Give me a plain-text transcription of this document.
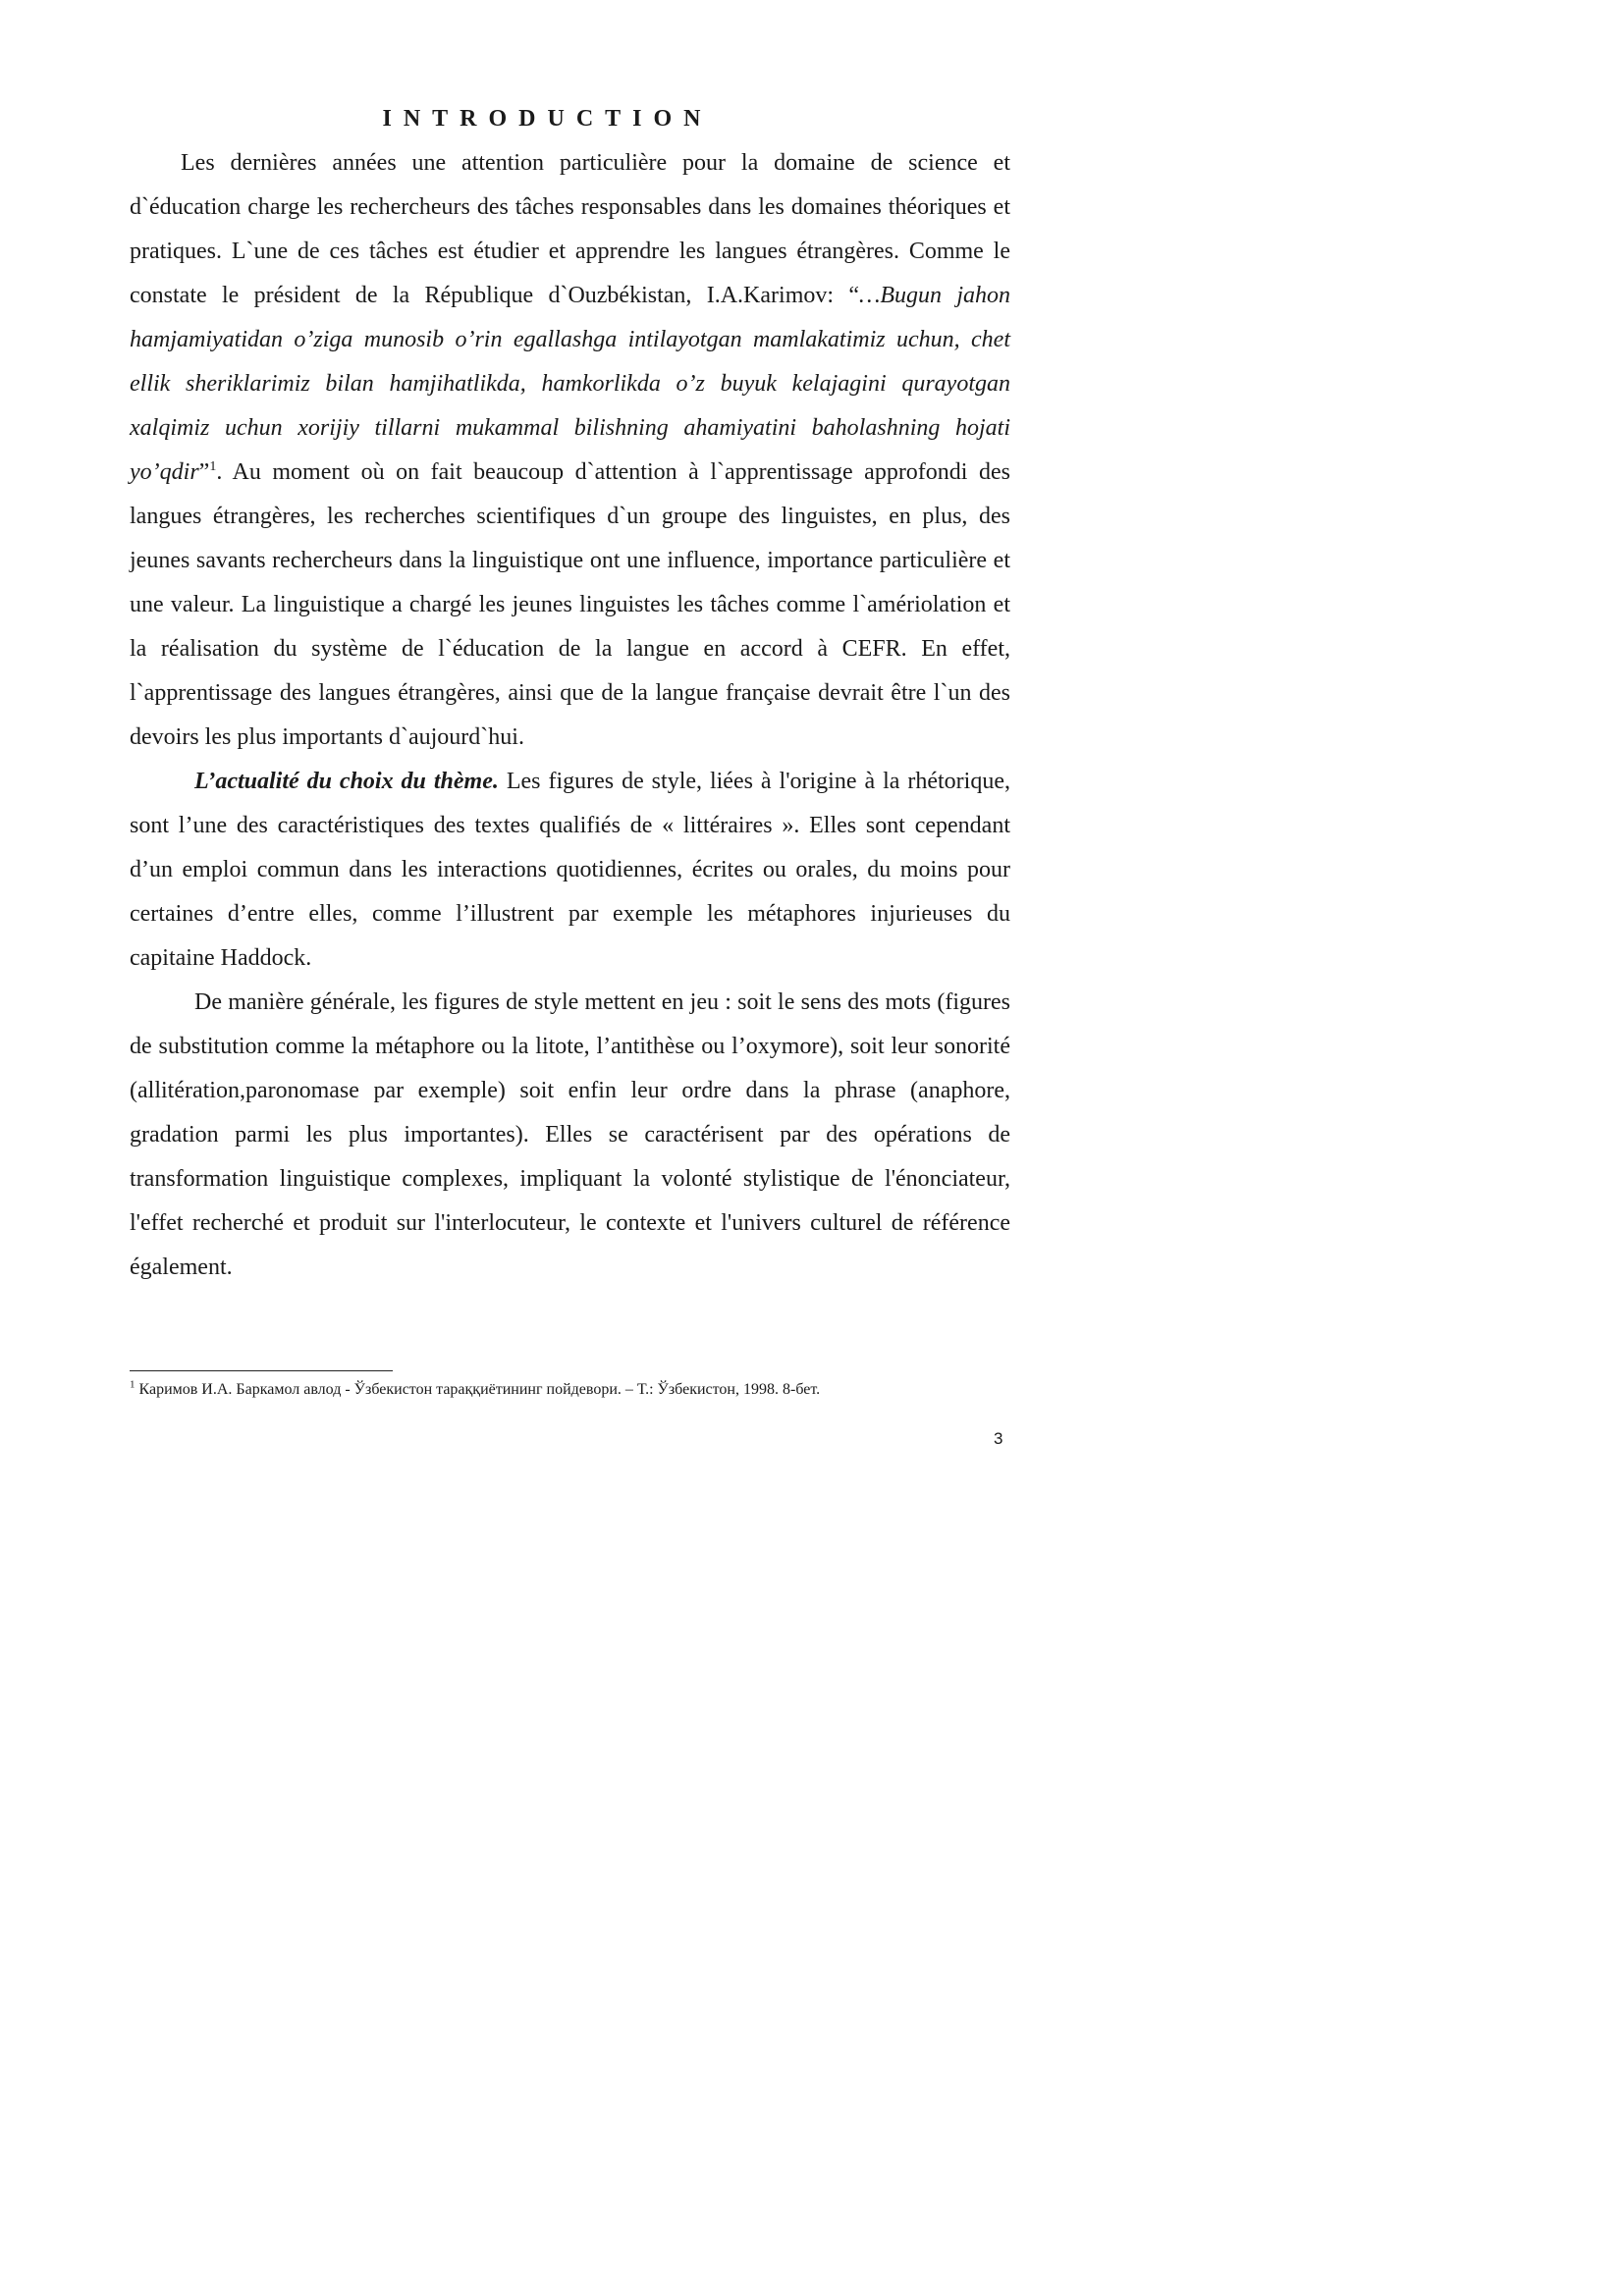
INTRODUCTION

Les dernières années une attention particulière pour la domaine de science et d`éducation charge les rechercheurs des tâches responsables dans les domaines théoriques et pratiques. L`une de ces tâches est étudier et apprendre les langues étrangères. Comme le constate le président de la République d`Ouzbékistan, I.A.Karimov: “…Bugun jahon hamjamiyatidan o’ziga munosib o’rin egallashga intilayotgan mamlakatimiz uchun, chet ellik sheriklarimiz bilan hamjihatlikda, hamkorlikda o’z buyuk kelajagini qurayotgan xalqimiz uchun xorijiy tillarni mukammal bilishning ahamiyatini baholashning hojati yo’qdir”$^1$. Au moment où on fait beaucoup d`attention à l`apprentissage approfondi des langues étrangères, les recherches scientifiques d`un groupe des linguistes, en plus, des jeunes savants rechercheurs dans la linguistique ont une influence, importance particulière et une valeur. La linguistique a chargé les jeunes linguistes les tâches comme l`amériolation et la réalisation du système de l`éducation de la langue en accord à CEFR. En effet, l`apprentissage des langues étrangères, ainsi que de la langue française devrait être l`un des devoirs les plus importants d`aujourd`hui.

L’actualité du choix du thème. Les figures de style, liées à l'origine à la rhétorique, sont l’une des caractéristiques des textes qualifiés de « littéraires ». Elles sont cependant d’un emploi commun dans les interactions quotidiennes, écrites ou orales, du moins pour certaines d’entre elles, comme l’illustrent par exemple les métaphores injurieuses du capitaine Haddock.

De manière générale, les figures de style mettent en jeu : soit le sens des mots (figures de substitution comme la métaphore ou la litote, l’antithèse ou l’oxymore), soit leur sonorité (allitération,paronomase par exemple) soit enfin leur ordre dans la phrase (anaphore, gradation parmi les plus importantes). Elles se caractérisent par des opérations de transformation linguistique complexes, impliquant la volonté stylistique de l'énonciateur, l'effet recherché et produit sur l'interlocuteur, le contexte et l'univers culturel de référence également.

$^1$ Каримов И.А. Баркамол авлод - Ўзбекистон тараққиётининг пойдевори. – Т.: Ўзбекистон, 1998. 8-бет.
3
